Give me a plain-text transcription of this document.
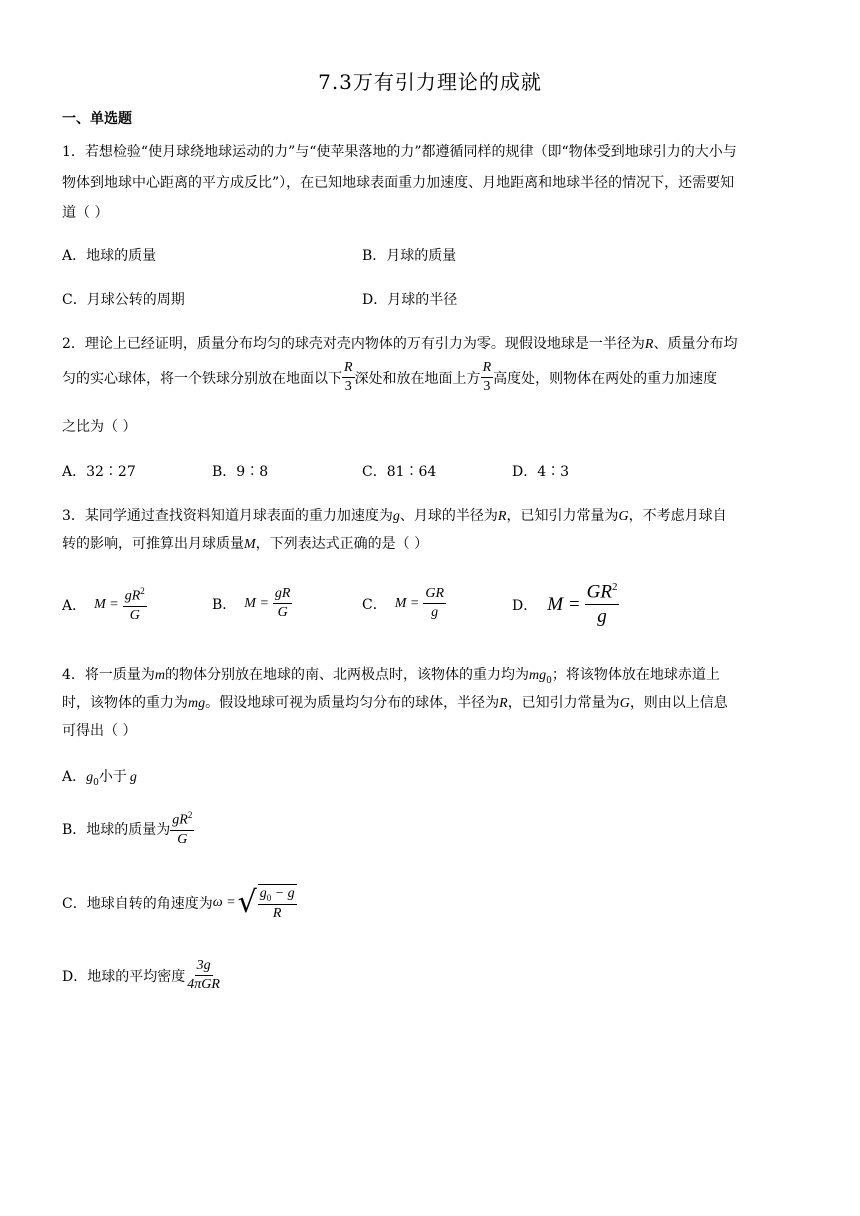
7.3万有引力理论的成就
一、单选题
1．若想检验“使月球绕地球运动的力”与“使苹果落地的力”都遵循同样的规律（即“物体受到地球引力的大小与
物体到地球中心距离的平方成反比”），在已知地球表面重力加速度、月地距离和地球半径的情况下，还需要知
道（ ）
A．地球的质量	B．月球的质量
C．月球公转的周期	D．月球的半径
2．理论上已经证明，质量分布均匀的球壳对壳内物体的万有引力为零。现假设地球是一半径为R、质量分布均
匀的实心球体，将一个铁球分别放在地面以下 $\frac{R}{3}$ 深处和放在地面上方 $\frac{R}{3}$ 高度处，则物体在两处的重力加速度
之比为（ ）
A．32∶27	B．9∶8	C．81∶64	D．4∶3
3．某同学通过查找资料知道月球表面的重力加速度为g、月球的半径为R，已知引力常量为G，不考虑月球自
转的影响，可推算出月球质量M，下列表达式正确的是（ ）
A． $M = \frac{gR^2}{G}$	B． $M = \frac{gR}{G}$	C． $M = \frac{GR}{g}$	D． $M = \frac{GR^2}{g}$
4．将一质量为m的物体分别放在地球的南、北两极点时，该物体的重力均为$mg_0$；将该物体放在地球赤道上
时，该物体的重力为mg。假设地球可视为质量均匀分布的球体，半径为R，已知引力常量为G，则由以上信息
可得出（ ）
A．$g_0$小于 g
B．地球的质量为 $\frac{gR^2}{G}$
C．地球自转的角速度为 ω = √ $\frac{g_0 - g}{R}$
D．地球的平均密度 $\frac{3g}{\text{4πGR}}$
